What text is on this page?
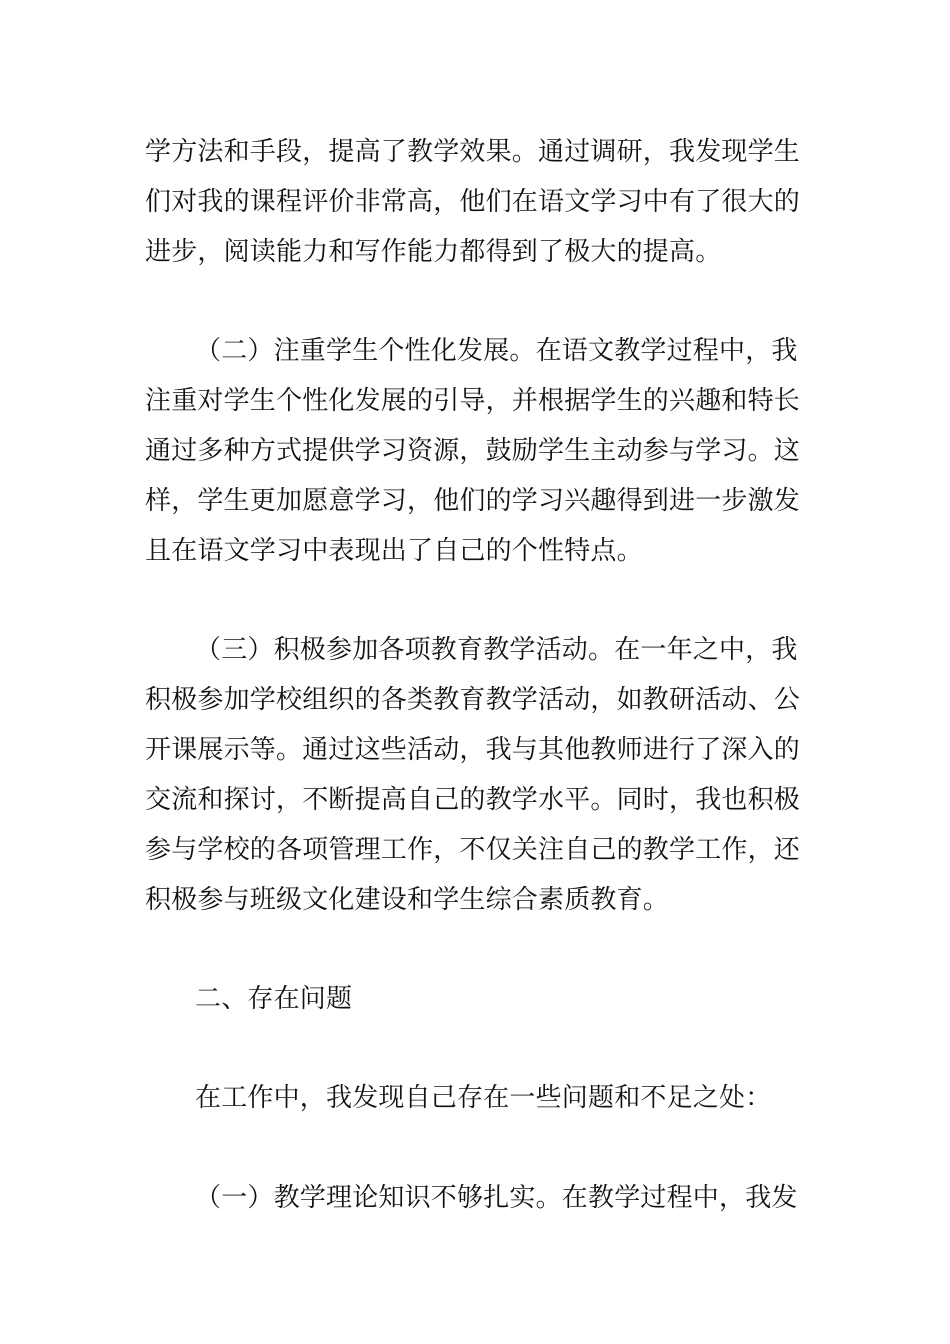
学方法和手段，提高了教学效果。通过调研，我发现学生
们对我的课程评价非常高，他们在语文学习中有了很大的
进步，阅读能力和写作能力都得到了极大的提高。
（二）注重学生个性化发展。在语文教学过程中，我
注重对学生个性化发展的引导，并根据学生的兴趣和特长
通过多种方式提供学习资源，鼓励学生主动参与学习。这
样，学生更加愿意学习，他们的学习兴趣得到进一步激发
且在语文学习中表现出了自己的个性特点。
（三）积极参加各项教育教学活动。在一年之中，我
积极参加学校组织的各类教育教学活动，如教研活动、公
开课展示等。通过这些活动，我与其他教师进行了深入的
交流和探讨，不断提高自己的教学水平。同时，我也积极
参与学校的各项管理工作，不仅关注自己的教学工作，还
积极参与班级文化建设和学生综合素质教育。
二、存在问题
在工作中，我发现自己存在一些问题和不足之处：
（一）教学理论知识不够扎实。在教学过程中，我发
